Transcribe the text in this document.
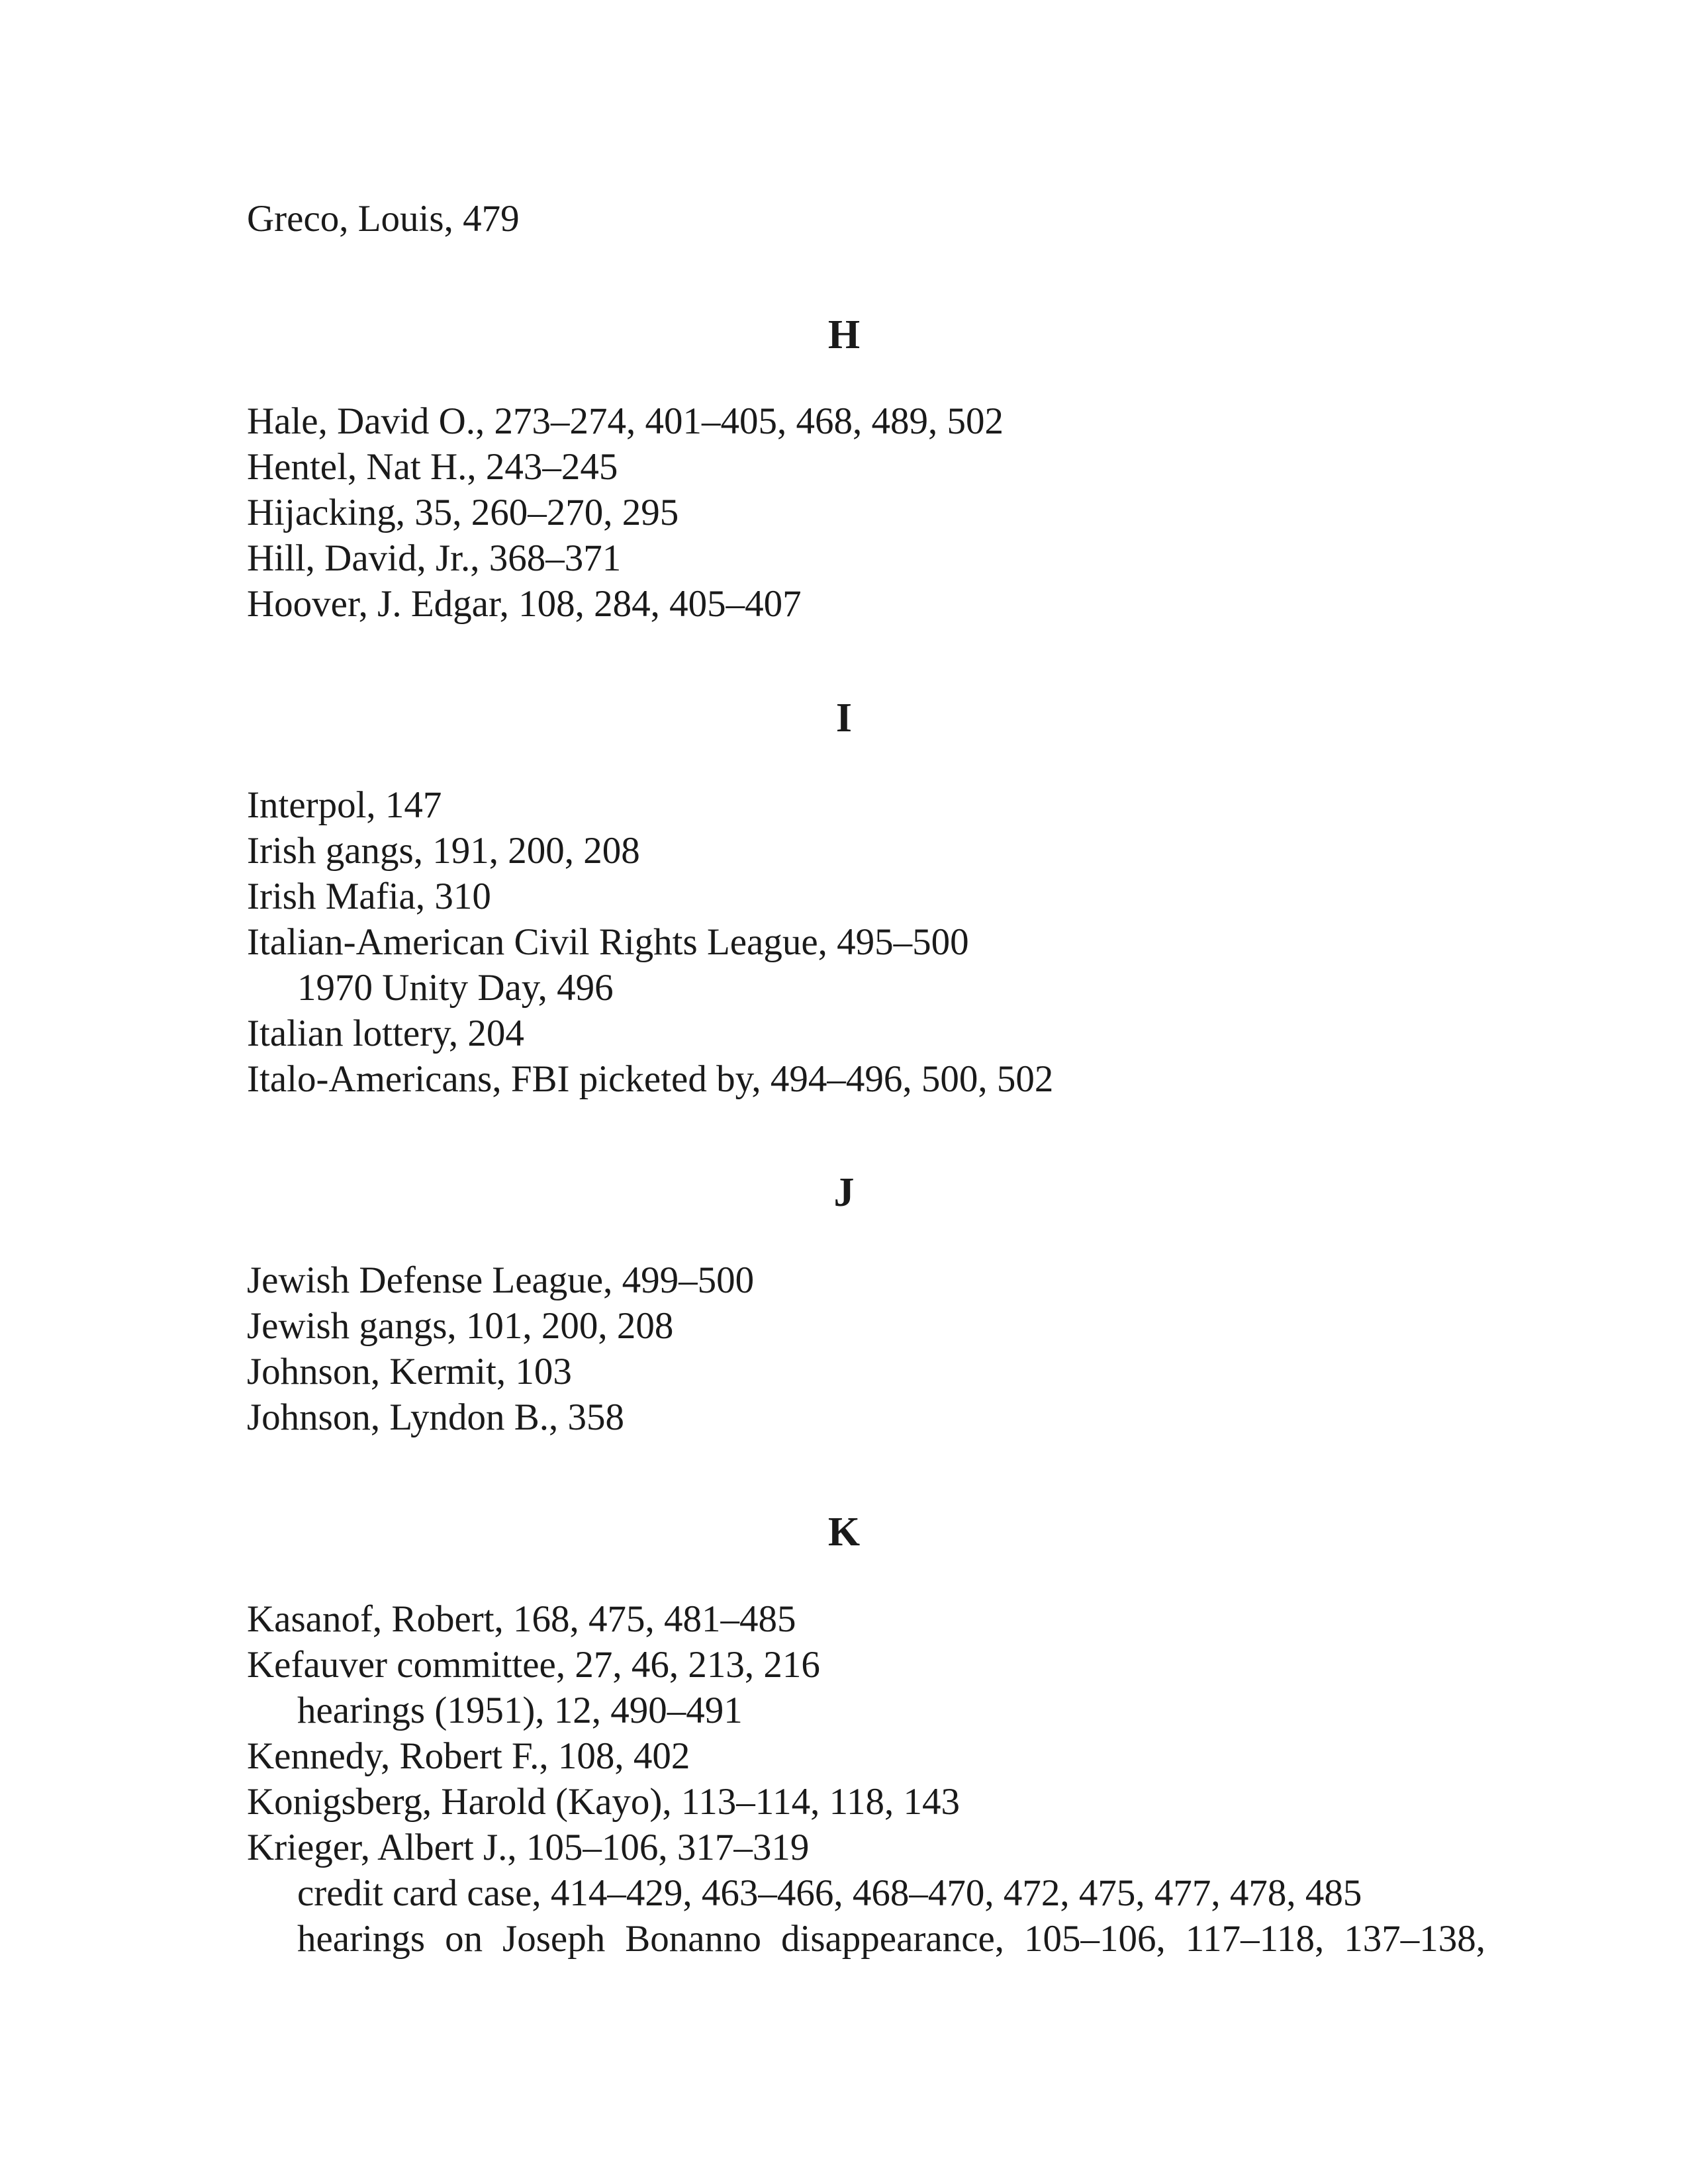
Greco, Louis, 479
H
Hale, David O., 273–274, 401–405, 468, 489, 502
Hentel, Nat H., 243–245
Hijacking, 35, 260–270, 295
Hill, David, Jr., 368–371
Hoover, J. Edgar, 108, 284, 405–407
I
Interpol, 147
Irish gangs, 191, 200, 208
Irish Mafia, 310
Italian-American Civil Rights League, 495–500
1970 Unity Day, 496
Italian lottery, 204
Italo-Americans, FBI picketed by, 494–496, 500, 502
J
Jewish Defense League, 499–500
Jewish gangs, 101, 200, 208
Johnson, Kermit, 103
Johnson, Lyndon B., 358
K
Kasanof, Robert, 168, 475, 481–485
Kefauver committee, 27, 46, 213, 216
hearings (1951), 12, 490–491
Kennedy, Robert F., 108, 402
Konigsberg, Harold (Kayo), 113–114, 118, 143
Krieger, Albert J., 105–106, 317–319
credit card case, 414–429, 463–466, 468–470, 472, 475, 477, 478, 485
hearings on Joseph Bonanno disappearance, 105–106, 117–118, 137–138,
